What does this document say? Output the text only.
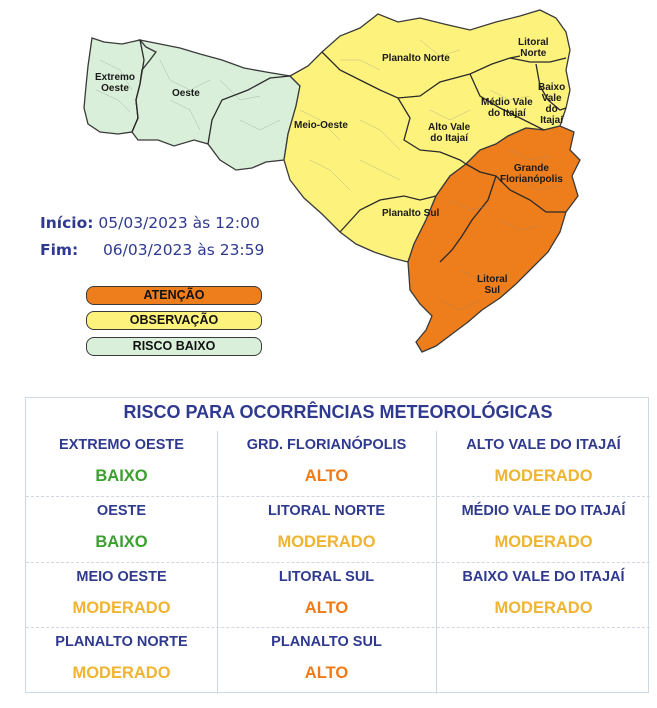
Extremo
Oeste	Oeste
Meio-Oeste
Planalto Norte
Litoral
Norte
Baixo
Vale
do
Itajaí
Médio Vale
do Itajaí
Alto Vale
do Itajaí
Grande
Florianópolis
Planalto Sul
Litoral
Sul
Início: 05/03/2023 às 12:00
Fim: 06/03/2023 às 23:59
ATENÇÃO
OBSERVAÇÃO
RISCO BAIXO
RISCO PARA OCORRÊNCIAS METEOROLÓGICAS
EXTREMO OESTE
BAIXO
GRD. FLORIANÓPOLIS
ALTO
ALTO VALE DO ITAJAÍ
MODERADO
OESTE
BAIXO
LITORAL NORTE
MODERADO
MÉDIO VALE DO ITAJAÍ
MODERADO
MEIO OESTE
MODERADO
LITORAL SUL
ALTO
BAIXO VALE DO ITAJAÍ
MODERADO
PLANALTO NORTE
MODERADO
PLANALTO SUL
ALTO
